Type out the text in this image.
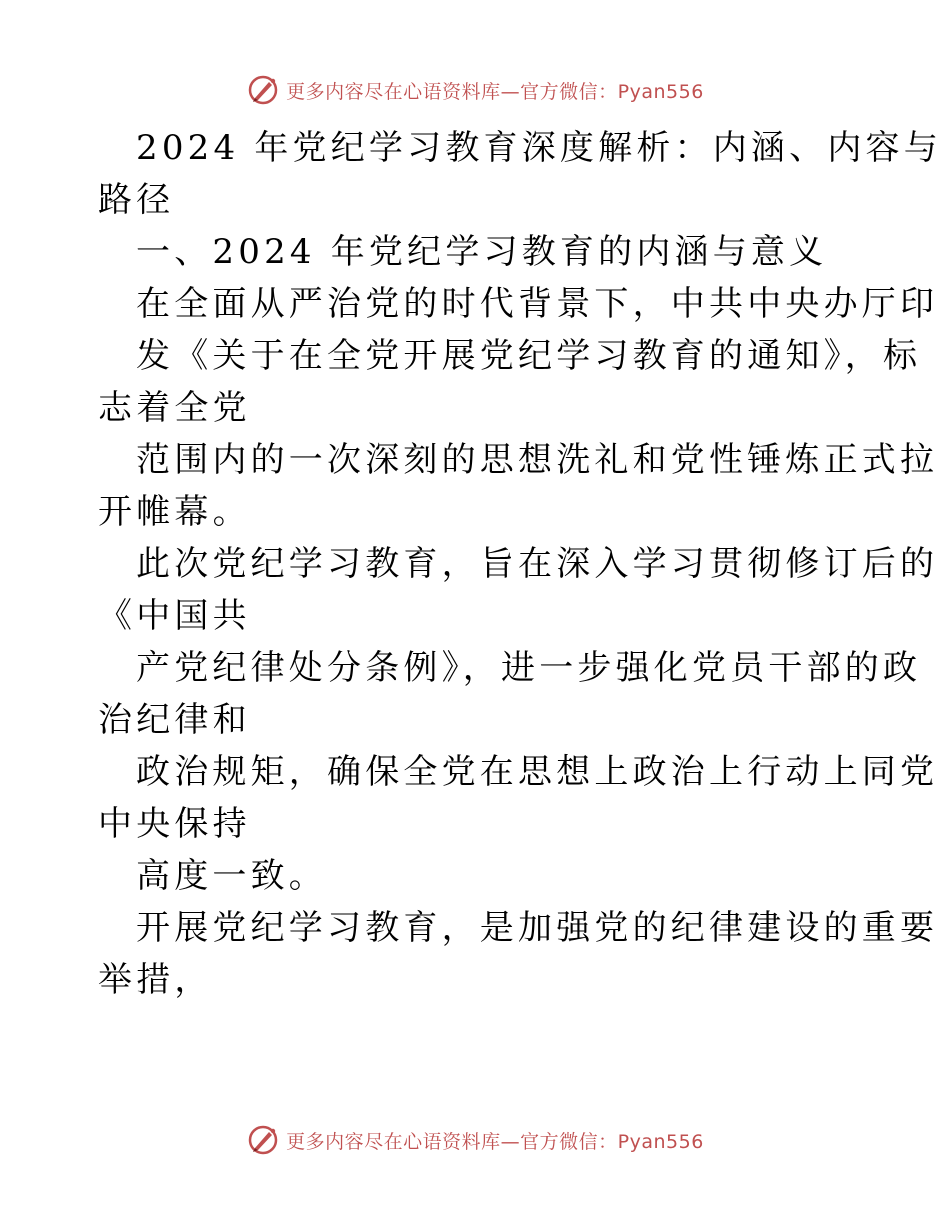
更多内容尽在心语资料库—官方微信：Pyan556
2024 年党纪学习教育深度解析：内涵、内容与
路径
一、2024 年党纪学习教育的内涵与意义
在全面从严治党的时代背景下，中共中央办厅印
发《关于在全党开展党纪学习教育的通知》，标
志着全党
范围内的一次深刻的思想洗礼和党性锤炼正式拉
开帷幕。
此次党纪学习教育，旨在深入学习贯彻修订后的
《中国共
产党纪律处分条例》，进一步强化党员干部的政
治纪律和
政治规矩，确保全党在思想上政治上行动上同党
中央保持
高度一致。
开展党纪学习教育，是加强党的纪律建设的重要
举措，
更多内容尽在心语资料库—官方微信：Pyan556
